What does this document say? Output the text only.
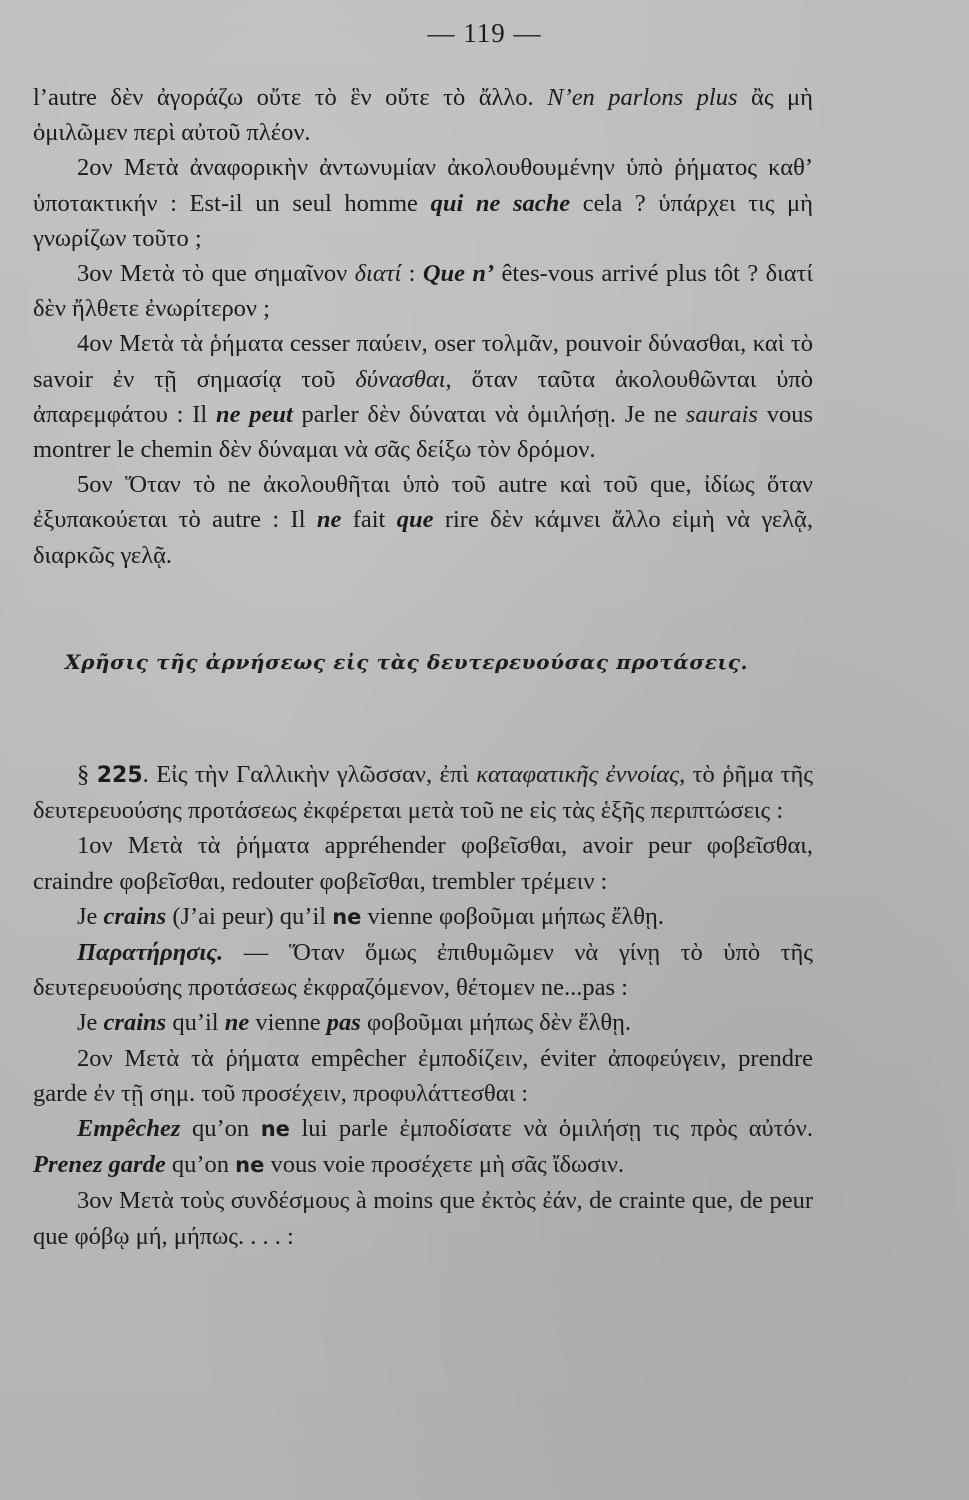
— 119 —

l’autre δὲν ἀγοράζω οὔτε τὸ ἓν οὔτε τὸ ἄλλο. N’en parlons plus ἂς μὴ ὁμιλῶμεν περὶ αὐτοῦ πλέον.

2ον Μετὰ ἀναφορικὴν ἀντωνυμίαν ἀκολουθουμένην ὑπὸ ῥήματος καθ’ ὑποτακτικήν : Est-il un seul homme qui ne sache cela ? ὑπάρχει τις μὴ γνωρίζων τοῦτο ;

3ον Μετὰ τὸ que σημαῖνον διατί : Que n’ êtes-vous arrivé plus tôt ? διατί δὲν ἤλθετε ἐνωρίτερον ;

4ον Μετὰ τὰ ῥήματα cesser παύειν, oser τολμᾶν, pouvoir δύνασθαι, καὶ τὸ savoir ἐν τῇ σημασίᾳ τοῦ δύνασθαι, ὅταν ταῦτα ἀκολουθῶνται ὑπὸ ἀπαρεμφάτου : Il ne peut parler δὲν δύναται νὰ ὁμιλήσῃ. Je ne saurais vous montrer le chemin δὲν δύναμαι νὰ σᾶς δείξω τὸν δρόμον.

5ον Ὅταν τὸ ne ἀκολουθῆται ὑπὸ τοῦ autre καὶ τοῦ que, ἰδίως ὅταν ἐξυπακούεται τὸ autre : Il ne fait que rire δὲν κάμνει ἄλλο εἰμὴ νὰ γελᾷ, διαρκῶς γελᾷ.

Χρῆσις τῆς ἀρνήσεως εἰς τὰς δευτερευούσας προτάσεις.

§ 225. Εἰς τὴν Γαλλικὴν γλῶσσαν, ἐπὶ καταφατικῆς ἐννοίας, τὸ ῥῆμα τῆς δευτερευούσης προτάσεως ἐκφέρεται μετὰ τοῦ ne εἰς τὰς ἑξῆς περιπτώσεις :

1ον Μετὰ τὰ ῥήματα appréhender φοβεῖσθαι, avoir peur φοβεῖσθαι, craindre φοβεῖσθαι, redouter φοβεῖσθαι, trembler τρέμειν :

Je crains (J’ai peur) qu’il ne vienne φοβοῦμαι μήπως ἔλθῃ.

Παρατήρησις. — Ὅταν ὅμως ἐπιθυμῶμεν νὰ γίνῃ τὸ ὑπὸ τῆς δευτερευούσης προτάσεως ἐκφραζόμενον, θέτομεν ne...pas :

Je crains qu’il ne vienne pas φοβοῦμαι μήπως δὲν ἔλθῃ.

2ον Μετὰ τὰ ῥήματα empêcher ἐμποδίζειν, éviter ἀποφεύγειν, prendre garde ἐν τῇ σημ. τοῦ προσέχειν, προφυλάττεσθαι :

Empêchez qu’on ne lui parle ἐμποδίσατε νὰ ὁμιλήσῃ τις πρὸς αὐτόν. Prenez garde qu’on ne vous voie προσέχετε μὴ σᾶς ἴδωσιν.

3ον Μετὰ τοὺς συνδέσμους à moins que ἐκτὸς ἐάν, de crainte que, de peur que φόβῳ μή, μήπως. . . . :
